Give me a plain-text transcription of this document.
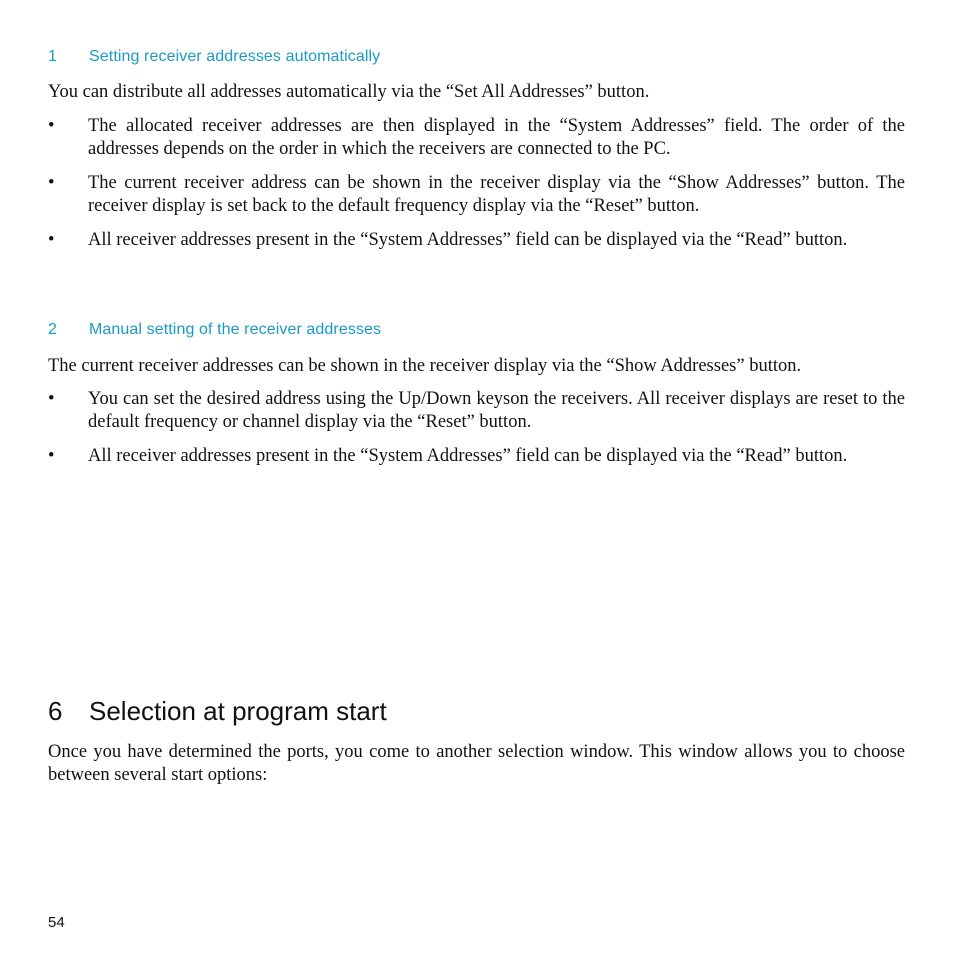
1 Setting receiver addresses automatically

You can distribute all addresses automatically via the “Set All Addresses” button.

• The allocated receiver addresses are then displayed in the “System Addresses” field. The order of the addresses depends on the order in which the receivers are connected to the PC.
• The current receiver address can be shown in the receiver display via the “Show Addresses” button. The receiver display is set back to the default frequency display via the “Reset” button.
• All receiver addresses present in the “System Addresses” field can be displayed via the “Read” button.
2 Manual setting of the receiver addresses

The current receiver addresses can be shown in the receiver display via the “Show Addresses” button.

• You can set the desired address using the Up/Down keyson the receivers. All receiver displays are reset to the default frequency or channel display via the “Reset” button.
• All receiver addresses present in the “System Addresses” field can be displayed via the “Read” button.
6 Selection at program start

Once you have determined the ports, you come to another selection window. This window allows you to choose between several start options:

54
